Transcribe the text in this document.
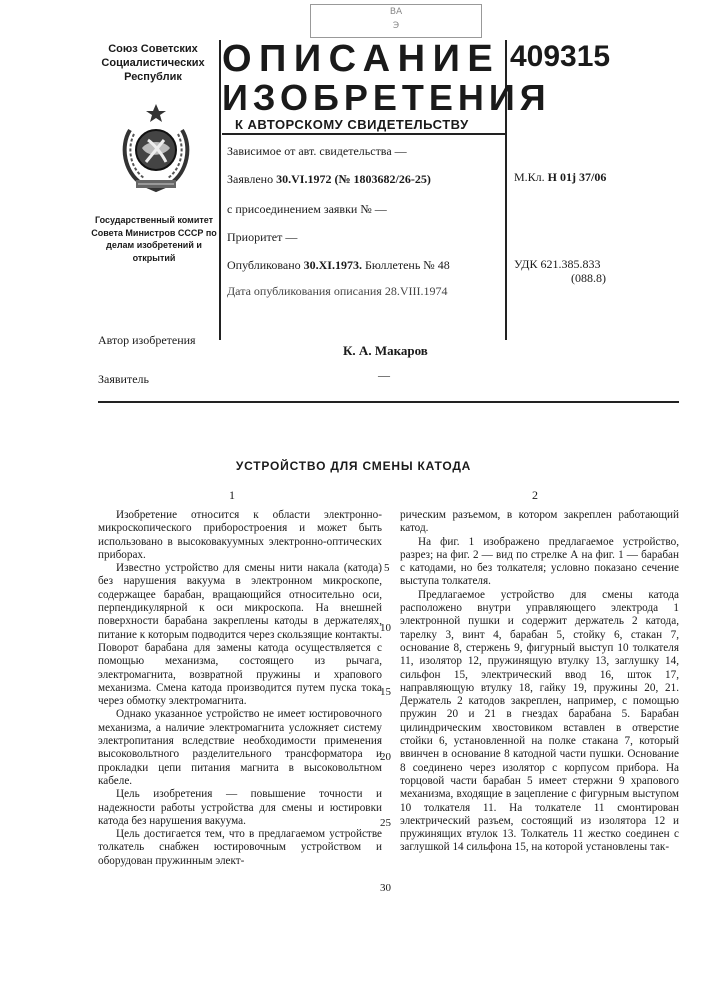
ВА
Э
Союз Советских Социалистических Республик
Государственный комитет Совета Министров СССР по делам изобретений и открытий
ОПИСАНИЕ
ИЗОБРЕТЕНИЯ
К АВТОРСКОМУ СВИДЕТЕЛЬСТВУ
409315
Зависимое от авт. свидетельства —
Заявлено 30.VI.1972 (№ 1803682/26-25)
с присоединением заявки № —
Приоритет —
Опубликовано 30.XI.1973. Бюллетень № 48
Дата опубликования описания 28.VIII.1974
М.Кл. H 01j 37/06
УДК 621.385.833
(088.8)
Автор изобретения
К. А. Макаров
Заявитель	—
УСТРОЙСТВО ДЛЯ СМЕНЫ КАТОДА
1	2

Изобретение относится к области электронно-микроскопического приборостроения и может быть использовано в высоковакуумных электронно-оптических приборах.

Известно устройство для смены нити накала (катода) без нарушения вакуума в электронном микроскопе, содержащее барабан, вращающийся относительно оси, перпендикулярной к оси микроскопа. На внешней поверхности барабана закреплены катоды в держателях, питание к которым подводится через скользящие контакты. Поворот барабана для замены катода осуществляется с помощью механизма, состоящего из рычага, электромагнита, возвратной пружины и храпового механизма. Смена катода производится путем пуска тока через обмотку электромагнита.

Однако указанное устройство не имеет юстировочного механизма, а наличие электромагнита усложняет систему электропитания вследствие необходимости применения высоковольтного разделительного трансформатора и прокладки цепи питания магнита в высоковольтном кабеле.

Цель изобретения — повышение точности и надежности работы устройства для смены и юстировки катода без нарушения вакуума.

Цель достигается тем, что в предлагаемом устройстве толкатель снабжен юстировочным устройством и оборудован пружинным элект-

5
10
15
20
25
30

рическим разъемом, в котором закреплен работающий катод.

На фиг. 1 изображено предлагаемое устройство, разрез; на фиг. 2 — вид по стрелке А на фиг. 1 — барабан с катодами, но без толкателя; условно показано сечение выступа толкателя.

Предлагаемое устройство для смены катода расположено внутри управляющего электрода 1 электронной пушки и содержит держатель 2 катода, тарелку 3, винт 4, барабан 5, стойку 6, стакан 7, основание 8, стержень 9, фигурный выступ 10 толкателя 11, изолятор 12, пружинящую втулку 13, заглушку 14, сильфон 15, электрический ввод 16, шток 17, направляющую втулку 18, гайку 19, пружины 20, 21. Держатель 2 катодов закреплен, например, с помощью пружин 20 и 21 в гнездах барабана 5. Барабан цилиндрическим хвостовиком вставлен в отверстие стойки 6, установленной на полке стакана 7, который ввинчен в основание 8 катодной части пушки. Основание 8 соединено через изолятор с корпусом прибора. На торцовой части барабан 5 имеет стержни 9 храпового механизма, входящие в зацепление с фигурным выступом 10 толкателя 11. На толкателе 11 смонтирован электрический разъем, состоящий из изолятора 12 и пружинящих втулок 13. Толкатель 11 жестко соединен с заглушкой 14 сильфона 15, на которой установлены так-
